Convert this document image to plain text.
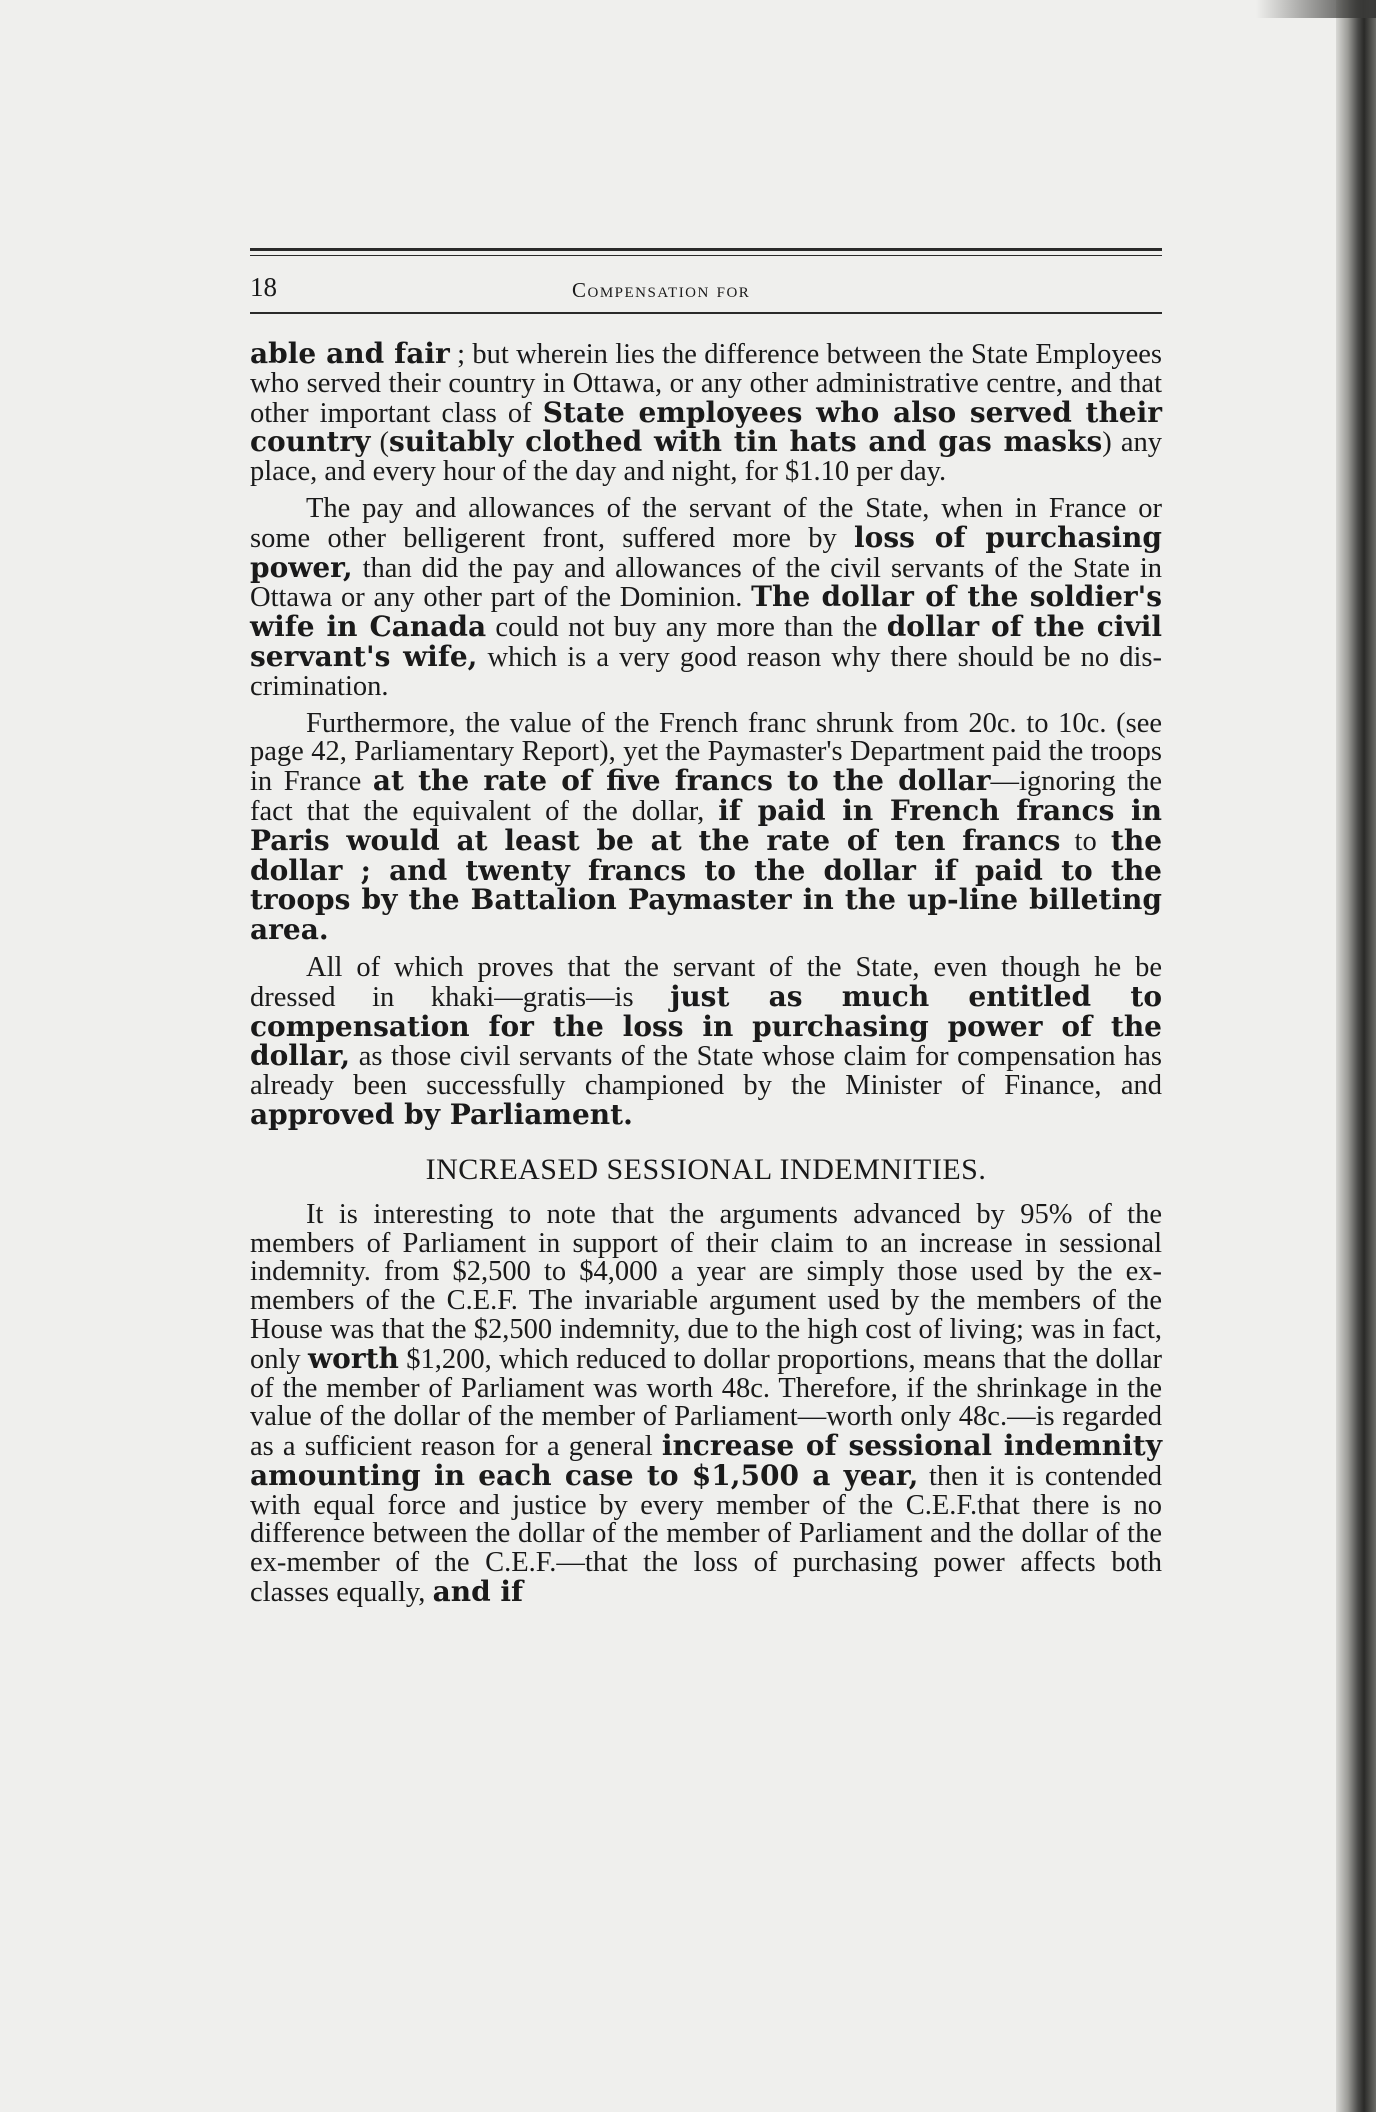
18	Compensation for

able and fair ; but wherein lies the difference between the State Employees who served their country in Ottawa, or any other administrative centre, and that other important class of State employees who also served their country (suitably clothed with tin hats and gas masks) any place, and every hour of the day and night, for $1.10 per day.

The pay and allowances of the servant of the State, when in France or some other belligerent front, suffered more by loss of purchasing power, than did the pay and allowances of the civil servants of the State in Ottawa or any other part of the Dominion. The dollar of the soldier's wife in Canada could not buy any more than the dollar of the civil servant's wife, which is a very good reason why there should be no discrimination.

Furthermore, the value of the French franc shrunk from 20c. to 10c. (see page 42, Parliamentary Report), yet the Paymaster's Department paid the troops in France at the rate of five francs to the dollar—ignoring the fact that the equivalent of the dollar, if paid in French francs in Paris would at least be at the rate of ten francs to the dollar ; and twenty francs to the dollar if paid to the troops by the Battalion Paymaster in the up-line billeting area.

All of which proves that the servant of the State, even though he be dressed in khaki—gratis—is just as much entitled to compensation for the loss in purchasing power of the dollar, as those civil servants of the State whose claim for compensation has already been successfully championed by the Minister of Finance, and approved by Parliament.

INCREASED SESSIONAL INDEMNITIES.

It is interesting to note that the arguments advanced by 95% of the members of Parliament in support of their claim to an increase in sessional indemnity. from $2,500 to $4,000 a year are simply those used by the ex-members of the C.E.F. The invariable argument used by the members of the House was that the $2,500 indemnity, due to the high cost of living; was in fact, only worth $1,200, which reduced to dollar proportions, means that the dollar of the member of Parliament was worth 48c. Therefore, if the shrinkage in the value of the dollar of the member of Parliament—worth only 48c.—is regarded as a sufficient reason for a general increase of sessional indemnity amounting in each case to $1,500 a year, then it is contended with equal force and justice by every member of the C.E.F.that there is no difference between the dollar of the member of Parliament and the dollar of the ex-member of the C.E.F.—that the loss of purchasing power affects both classes equally, and if
